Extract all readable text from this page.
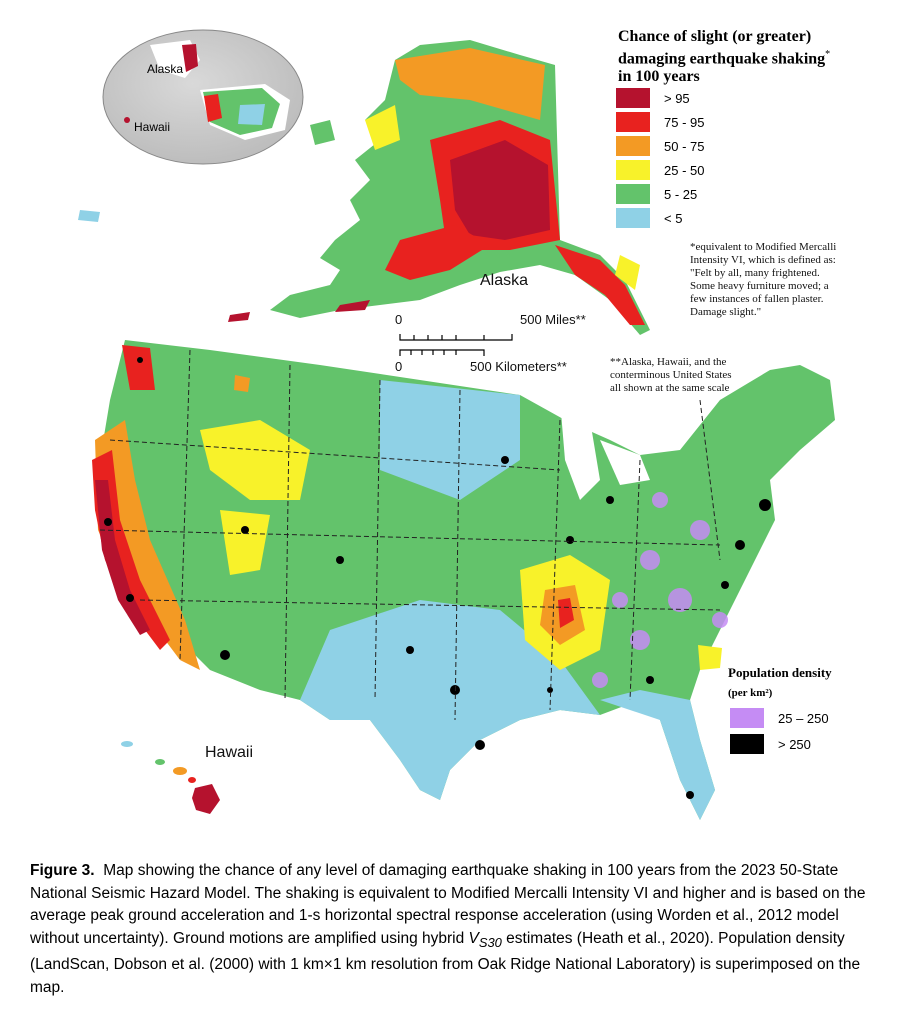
Alaska
Hawaii
Alaska
Hawaii
0	500 Miles**
0	500 Kilometers**
Chance of slight (or greater)
damaging earthquake shaking*
in 100 years
> 95
75 - 95
50 - 75
25 - 50
5 - 25
< 5
*equivalent to Modified Mercalli
Intensity VI, which is defined as:
"Felt by all, many frightened.
Some heavy furniture moved; a
few instances of fallen plaster.
Damage slight."
**Alaska, Hawaii, and the
conterminous United States
all shown at the same scale
Population density
(per km²)
25 – 250
> 250
Figure 3. Map showing the chance of any level of damaging earthquake shaking in 100 years from the 2023 50-State National Seismic Hazard Model. The shaking is equivalent to Modified Mercalli Intensity VI and higher and is based on the average peak ground acceleration and 1-s horizontal spectral response acceleration (using Worden et al., 2012 model without uncertainty). Ground motions are amplified using hybrid $V_{S30}$ estimates (Heath et al., 2020). Population density (LandScan, Dobson et al. (2000) with 1 km×1 km resolution from Oak Ridge National Laboratory) is superimposed on the map.
